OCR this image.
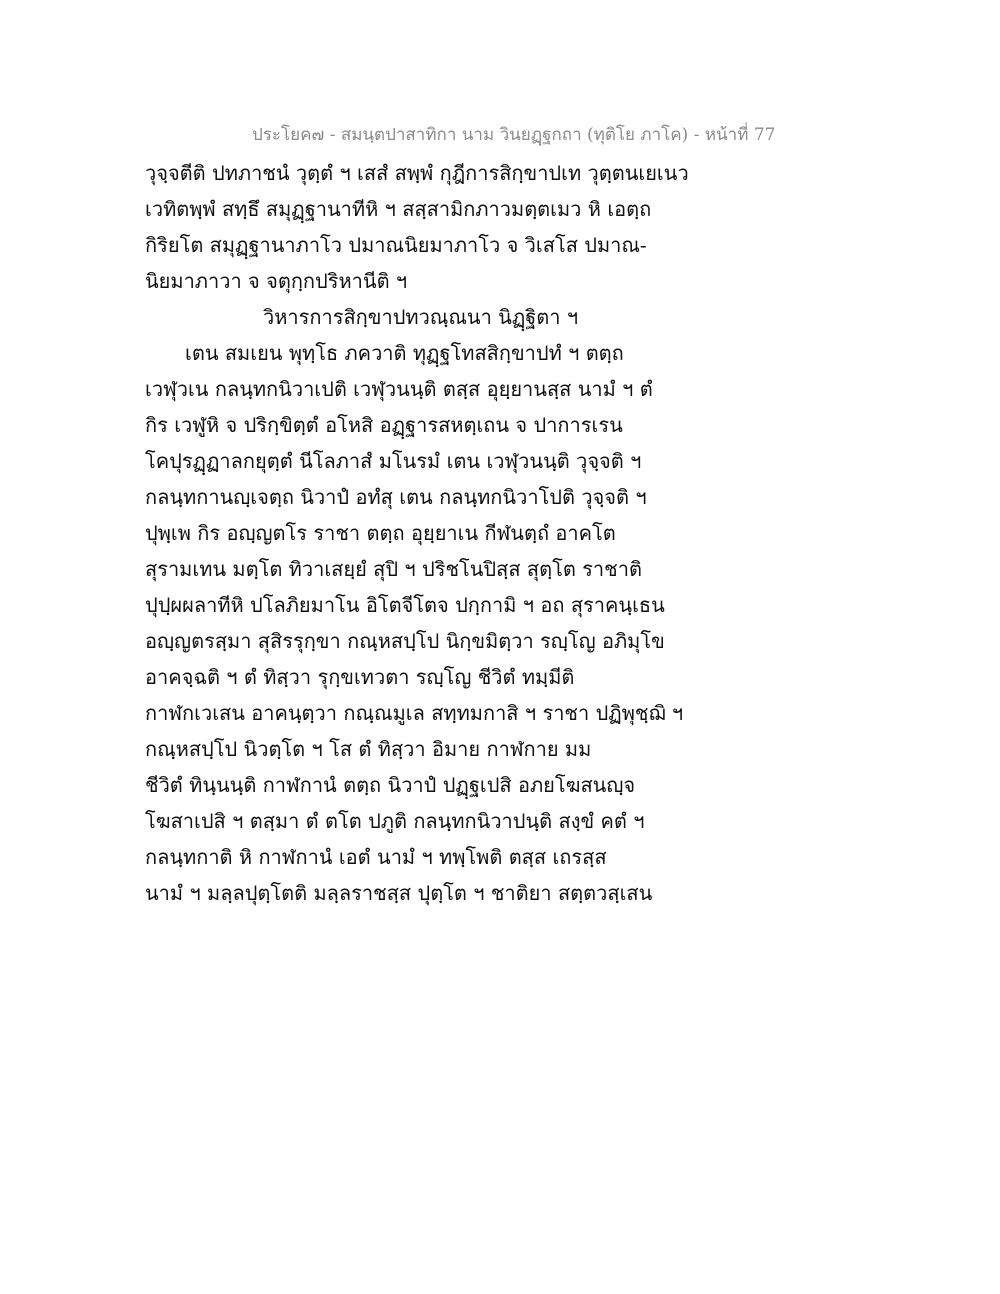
ประโยค๗ - สมนฺตปาสาทิกา นาม วินยฏฺฐกถา (ทุติโย ภาโค) - หน้าที่ 77
วุจฺจตีติ ปทภาชนํ วุตฺตํ ฯ เสสํ สพฺพํ กุฎีการสิกฺขาปเท วุตฺตนเยเนว
เวทิตพฺพํ สทฺธึ สมุฏฺฐานาทีหิ ฯ สสฺสามิกภาวมตฺตเมว หิ เอตฺถ
กิริยโต สมุฏฺฐานาภาโว ปมาณนิยมาภาโว จ วิเสโส ปมาณ-
นิยมาภาวา จ จตุกฺกปริหานีติ ฯ
วิหารการสิกฺขาปทวณฺณนา นิฏฺฐิตา ฯ
เตน สมเยน พุทฺโธ ภควาติ ทุฏฺฐโทสสิกฺขาปทํ ฯ ตตฺถ
เวฬุวเน กลนฺทกนิวาเปติ เวฬุวนนฺติ ตสฺส อุยฺยานสฺส นามํ ฯ ตํ
กิร เวฬูหิ จ ปริกฺขิตฺตํ อโหสิ อฏฺฐารสหตฺเถน จ ปาการเรน
โคปุรฏฺฏาลกยุตฺตํ นีโลภาสํ มโนรมํ เตน เวฬุวนนฺติ วุจฺจติ ฯ
กลนฺทกานญฺเจตฺถ นิวาปํ อทํสุ เตน กลนฺทกนิวาโปติ วุจฺจติ ฯ
ปุพฺเพ กิร อญฺญตโร ราชา ตตฺถ อุยฺยาเน กีฬนตฺถํ อาคโต
สุรามเทน มตฺโต ทิวาเสยฺยํ สุปิ ฯ ปริชโนปิสฺส สุตฺโต ราชาติ
ปุปฺผผลาทีหิ ปโลภิยมาโน อิโตจีโตจ ปกฺกามิ ฯ อถ สุราคนฺเธน
อญฺญตรสฺมา สุสิรรุกฺขา กณฺหสปฺโป นิกฺขมิตฺวา รญฺโญ อภิมุโข
อาคจฺฉติ ฯ ตํ ทิสฺวา รุกฺขเทวตา รญฺโญ ชีวิตํ ทมฺมีติ
กาฬกเวเสน อาคนฺตฺวา กณฺณมูเล สทฺทมกาสิ ฯ ราชา ปฏิพุชฺฌิ ฯ
กณฺหสปฺโป นิวตฺโต ฯ โส ตํ ทิสฺวา อิมาย กาฬกาย มม
ชีวิตํ ทินฺนนฺติ กาฬกานํ ตตฺถ นิวาปํ ปฏฺฐเปสิ อภยโฆสนญฺจ
โฆสาเปสิ ฯ ตสฺมา ตํ ตโต ปภูติ กลนฺทกนิวาปนฺติ สงฺขํ คตํ ฯ
กลนฺทกาติ หิ กาฬกานํ เอตํ นามํ ฯ ทพฺโพติ ตสฺส เถรสฺส
นามํ ฯ มลฺลปุตฺโตติ มลฺลราชสฺส ปุตฺโต ฯ ชาติยา สตฺตวสฺเสน
